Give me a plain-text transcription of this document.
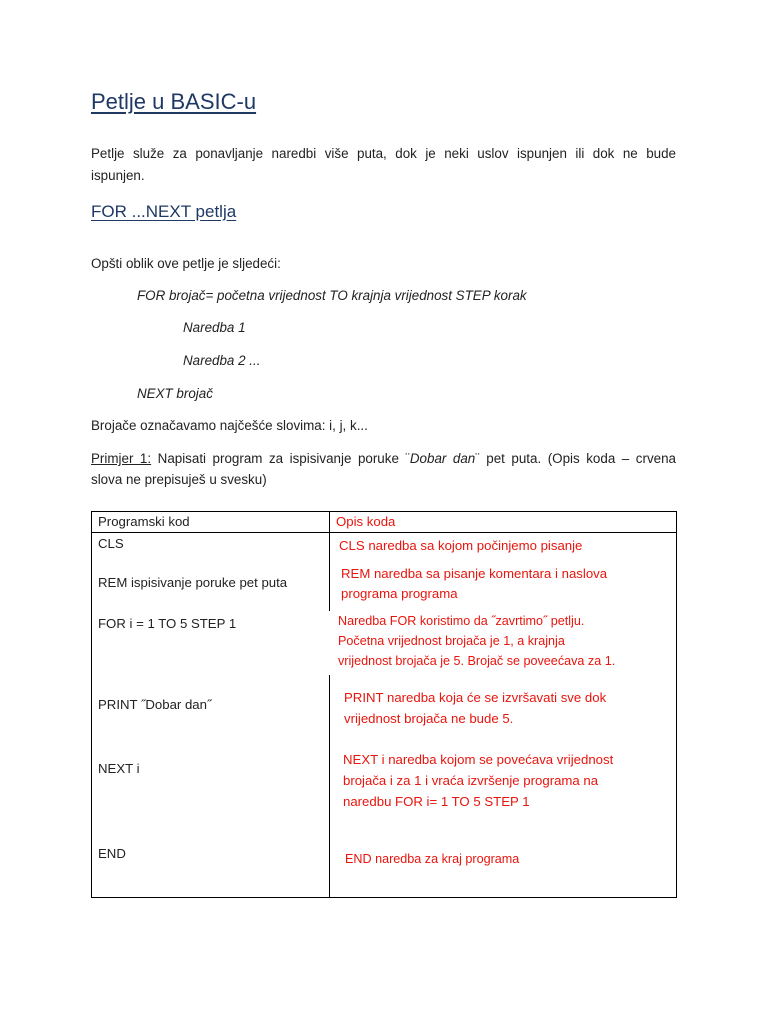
Petlje u BASIC-u
Petlje služe za ponavljanje naredbi više puta, dok je neki uslov ispunjen ili dok ne bude
ispunjen.
FOR ...NEXT petlja
Opšti oblik ove petlje je sljedeći:
FOR brojač= početna vrijednost TO krajnja vrijednost STEP korak
Naredba 1
Naredba 2 ...
NEXT brojač
Brojače označavamo najčešće slovima: i, j, k...
Primjer 1: Napisati program za ispisivanje poruke ¨Dobar dan¨ pet puta. (Opis koda – crvena
slova ne prepisuješ u svesku)
Programski kod	Opis koda
CLS
REM ispisivanje poruke pet puta
FOR i = 1 TO 5 STEP 1
PRINT ˝Dobar dan˝
NEXT i
END
CLS naredba sa kojom počinjemo pisanje
REM naredba sa pisanje komentara i naslova
programa programa
Naredba FOR koristimo da ˝zavrtimo˝ petlju.
Početna vrijednost brojača je 1, a krajnja
vrijednost brojača je 5. Brojač se poveećava za 1.
PRINT naredba koja će se izvršavati sve dok
vrijednost brojača ne bude 5.
NEXT i naredba kojom se povećava vrijednost
brojača i za 1 i vraća izvršenje programa na
naredbu FOR i= 1 TO 5 STEP 1
END naredba za kraj programa
